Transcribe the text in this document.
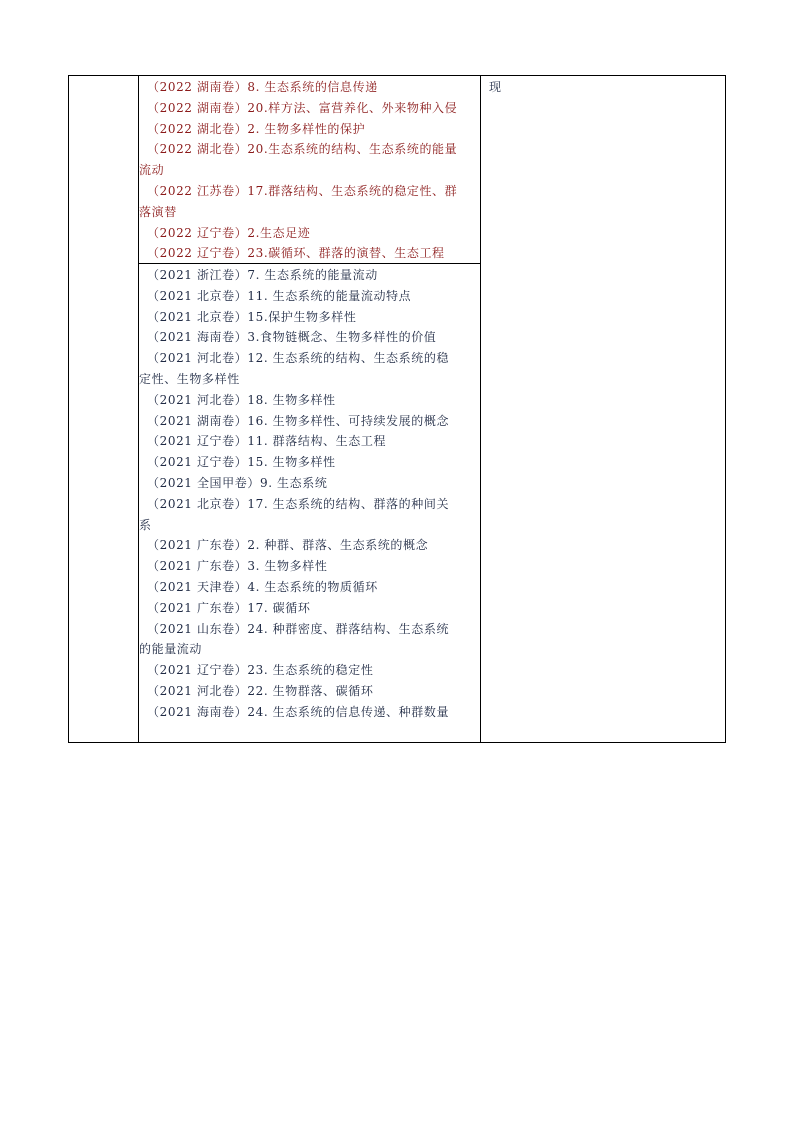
（2022 湖南卷）8. 生态系统的信息传递
（2022 湖南卷）20.样方法、富营养化、外来物种入侵
（2022 湖北卷）2. 生物多样性的保护
（2022 湖北卷）20.生态系统的结构、生态系统的能量
流动
（2022 江苏卷）17.群落结构、生态系统的稳定性、群
落演替
（2022 辽宁卷）2.生态足迹
（2022 辽宁卷）23.碳循环、群落的演替、生态工程
（2021 浙江卷）7. 生态系统的能量流动
（2021 北京卷）11. 生态系统的能量流动特点
（2021 北京卷）15.保护生物多样性
（2021 海南卷）3.食物链概念、生物多样性的价值
（2021 河北卷）12. 生态系统的结构、生态系统的稳
定性、生物多样性
（2021 河北卷）18. 生物多样性
（2021 湖南卷）16. 生物多样性、可持续发展的概念
（2021 辽宁卷）11. 群落结构、生态工程
（2021 辽宁卷）15. 生物多样性
（2021 全国甲卷）9. 生态系统
（2021 北京卷）17. 生态系统的结构、群落的种间关
系
（2021 广东卷）2. 种群、群落、生态系统的概念
（2021 广东卷）3. 生物多样性
（2021 天津卷）4. 生态系统的物质循环
（2021 广东卷）17. 碳循环
（2021 山东卷）24. 种群密度、群落结构、生态系统
的能量流动
（2021 辽宁卷）23. 生态系统的稳定性
（2021 河北卷）22. 生物群落、碳循环
（2021 海南卷）24. 生态系统的信息传递、种群数量
现
